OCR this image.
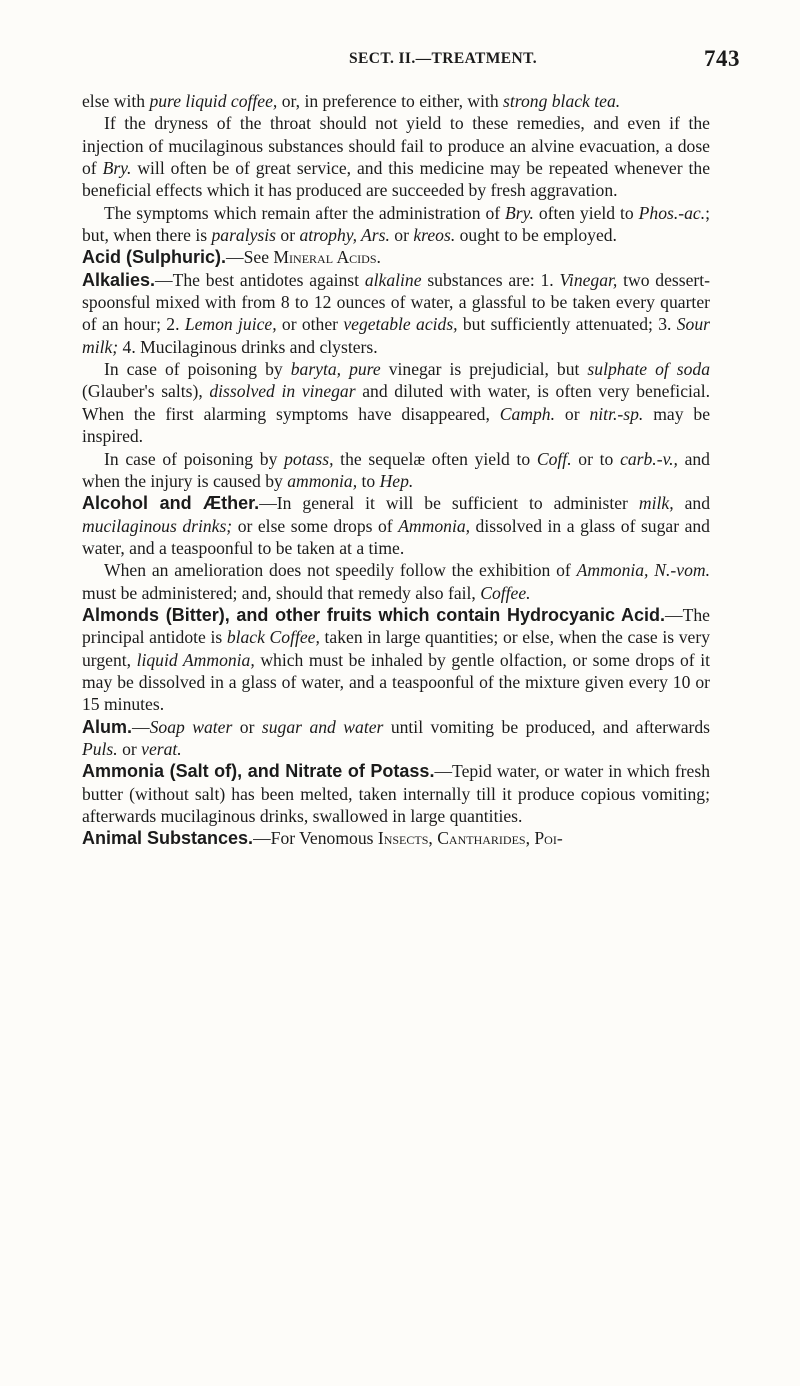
SECT. II.—TREATMENT.	743

else with pure liquid coffee, or, in preference to either, with strong black tea.

If the dryness of the throat should not yield to these remedies, and even if the injection of mucilaginous substances should fail to produce an alvine evacuation, a dose of Bry. will often be of great service, and this medicine may be repeated whenever the beneficial effects which it has produced are succeeded by fresh aggravation.

The symptoms which remain after the administration of Bry. often yield to Phos.-ac.; but, when there is paralysis or atrophy, Ars. or kreos. ought to be employed.

Acid (Sulphuric).—See Mineral Acids.

Alkalies.—The best antidotes against alkaline substances are: 1. Vinegar, two dessert-spoonsful mixed with from 8 to 12 ounces of water, a glassful to be taken every quarter of an hour; 2. Lemon juice, or other vegetable acids, but sufficiently attenuated; 3. Sour milk; 4. Mucilaginous drinks and clysters.

In case of poisoning by baryta, pure vinegar is prejudicial, but sulphate of soda (Glauber's salts), dissolved in vinegar and diluted with water, is often very beneficial. When the first alarming symptoms have disappeared, Camph. or nitr.-sp. may be inspired.

In case of poisoning by potass, the sequelæ often yield to Coff. or to carb.-v., and when the injury is caused by ammonia, to Hep.

Alcohol and Æther.—In general it will be sufficient to administer milk, and mucilaginous drinks; or else some drops of Ammonia, dissolved in a glass of sugar and water, and a teaspoonful to be taken at a time.

When an amelioration does not speedily follow the exhibition of Ammonia, N.-vom. must be administered; and, should that remedy also fail, Coffee.

Almonds (Bitter), and other fruits which contain Hydrocyanic Acid.—The principal antidote is black Coffee, taken in large quantities; or else, when the case is very urgent, liquid Ammonia, which must be inhaled by gentle olfaction, or some drops of it may be dissolved in a glass of water, and a teaspoonful of the mixture given every 10 or 15 minutes.

Alum.—Soap water or sugar and water until vomiting be produced, and afterwards Puls. or verat.

Ammonia (Salt of), and Nitrate of Potass.—Tepid water, or water in which fresh butter (without salt) has been melted, taken internally till it produce copious vomiting; afterwards mucilaginous drinks, swallowed in large quantities.

Animal Substances.—For Venomous Insects, Cantharides, Poi-
